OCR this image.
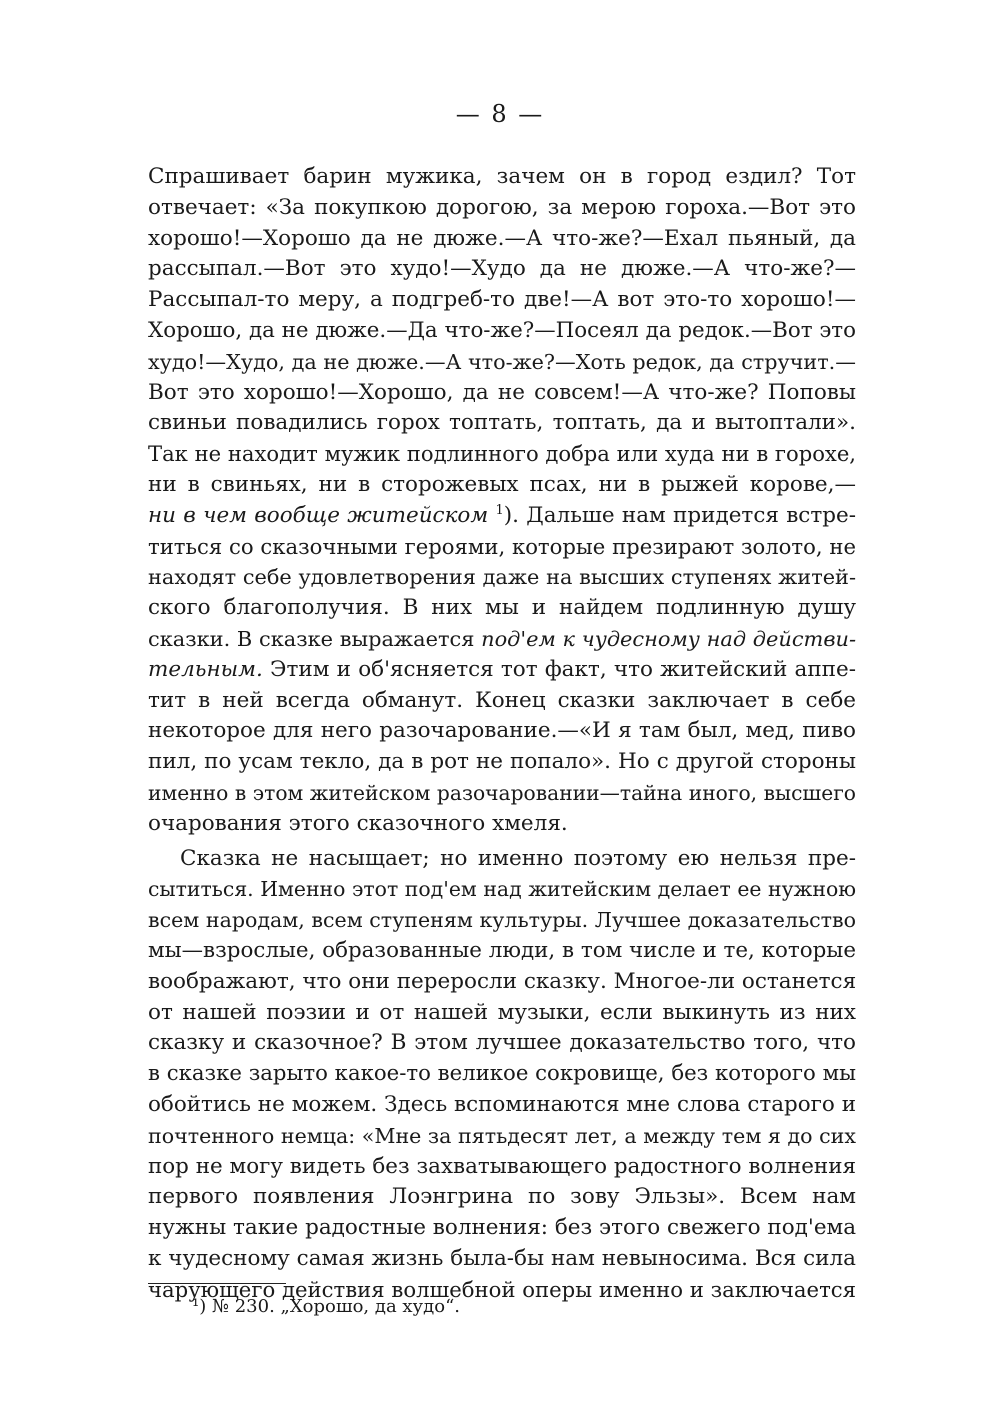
— 8 —

Спрашивает барин мужика, зачем он в город ездил? Тот
отвечает: «За покупкою дорогою, за мерою гороха.—Вот это
хорошо!—Хорошо да не дюже.—А что-же?—Ехал пьяный, да
рассыпал.—Вот это худо!—Худо да не дюже.—А что-же?—
Рассыпал-то меру, а подгреб-то две!—А вот это-то хорошо!—
Хорошо, да не дюже.—Да что-же?—Посеял да редок.—Вот это
худо!—Худо, да не дюже.—А что-же?—Хоть редок, да стручит.—
Вот это хорошо!—Хорошо, да не совсем!—А что-же? Поповы
свиньи повадились горох топтать, топтать, да и вытоптали».
Так не находит мужик подлинного добра или худа ни в горохе,
ни в свиньях, ни в сторожевых псах, ни в рыжей корове,—
ни в чем вообще житейском $^1$). Дальше нам придется встре-
титься со сказочными героями, которые презирают золото, не
находят себе удовлетворения даже на высших ступенях житей-
ского благополучия. В них мы и найдем подлинную душу
сказки. В сказке выражается под'ем к чудесному над действи-
тельным. Этим и об'ясняется тот факт, что житейский аппе-
тит в ней всегда обманут. Конец сказки заключает в себе
некоторое для него разочарование.—«И я там был, мед, пиво
пил, по усам текло, да в рот не попало». Но с другой стороны
именно в этом житейском разочаровании—тайна иного, высшего
очарования этого сказочного хмеля.

Сказка не насыщает; но именно поэтому ею нельзя пре-
сытиться. Именно этот под'ем над житейским делает ее нужною
всем народам, всем ступеням культуры. Лучшее доказательство
мы—взрослые, образованные люди, в том числе и те, которые
воображают, что они переросли сказку. Многое-ли останется
от нашей поэзии и от нашей музыки, если выкинуть из них
сказку и сказочное? В этом лучшее доказательство того, что
в сказке зарыто какое-то великое сокровище, без которого мы
обойтись не можем. Здесь вспоминаются мне слова старого и
почтенного немца: «Мне за пятьдесят лет, а между тем я до сих
пор не могу видеть без захватывающего радостного волнения
первого появления Лоэнгрина по зову Эльзы». Всем нам
нужны такие радостные волнения: без этого свежего под'ема
к чудесному самая жизнь была-бы нам невыносима. Вся сила
чарующего действия волшебной оперы именно и заключается

¹) № 230. „Хорошо, да худо“.
